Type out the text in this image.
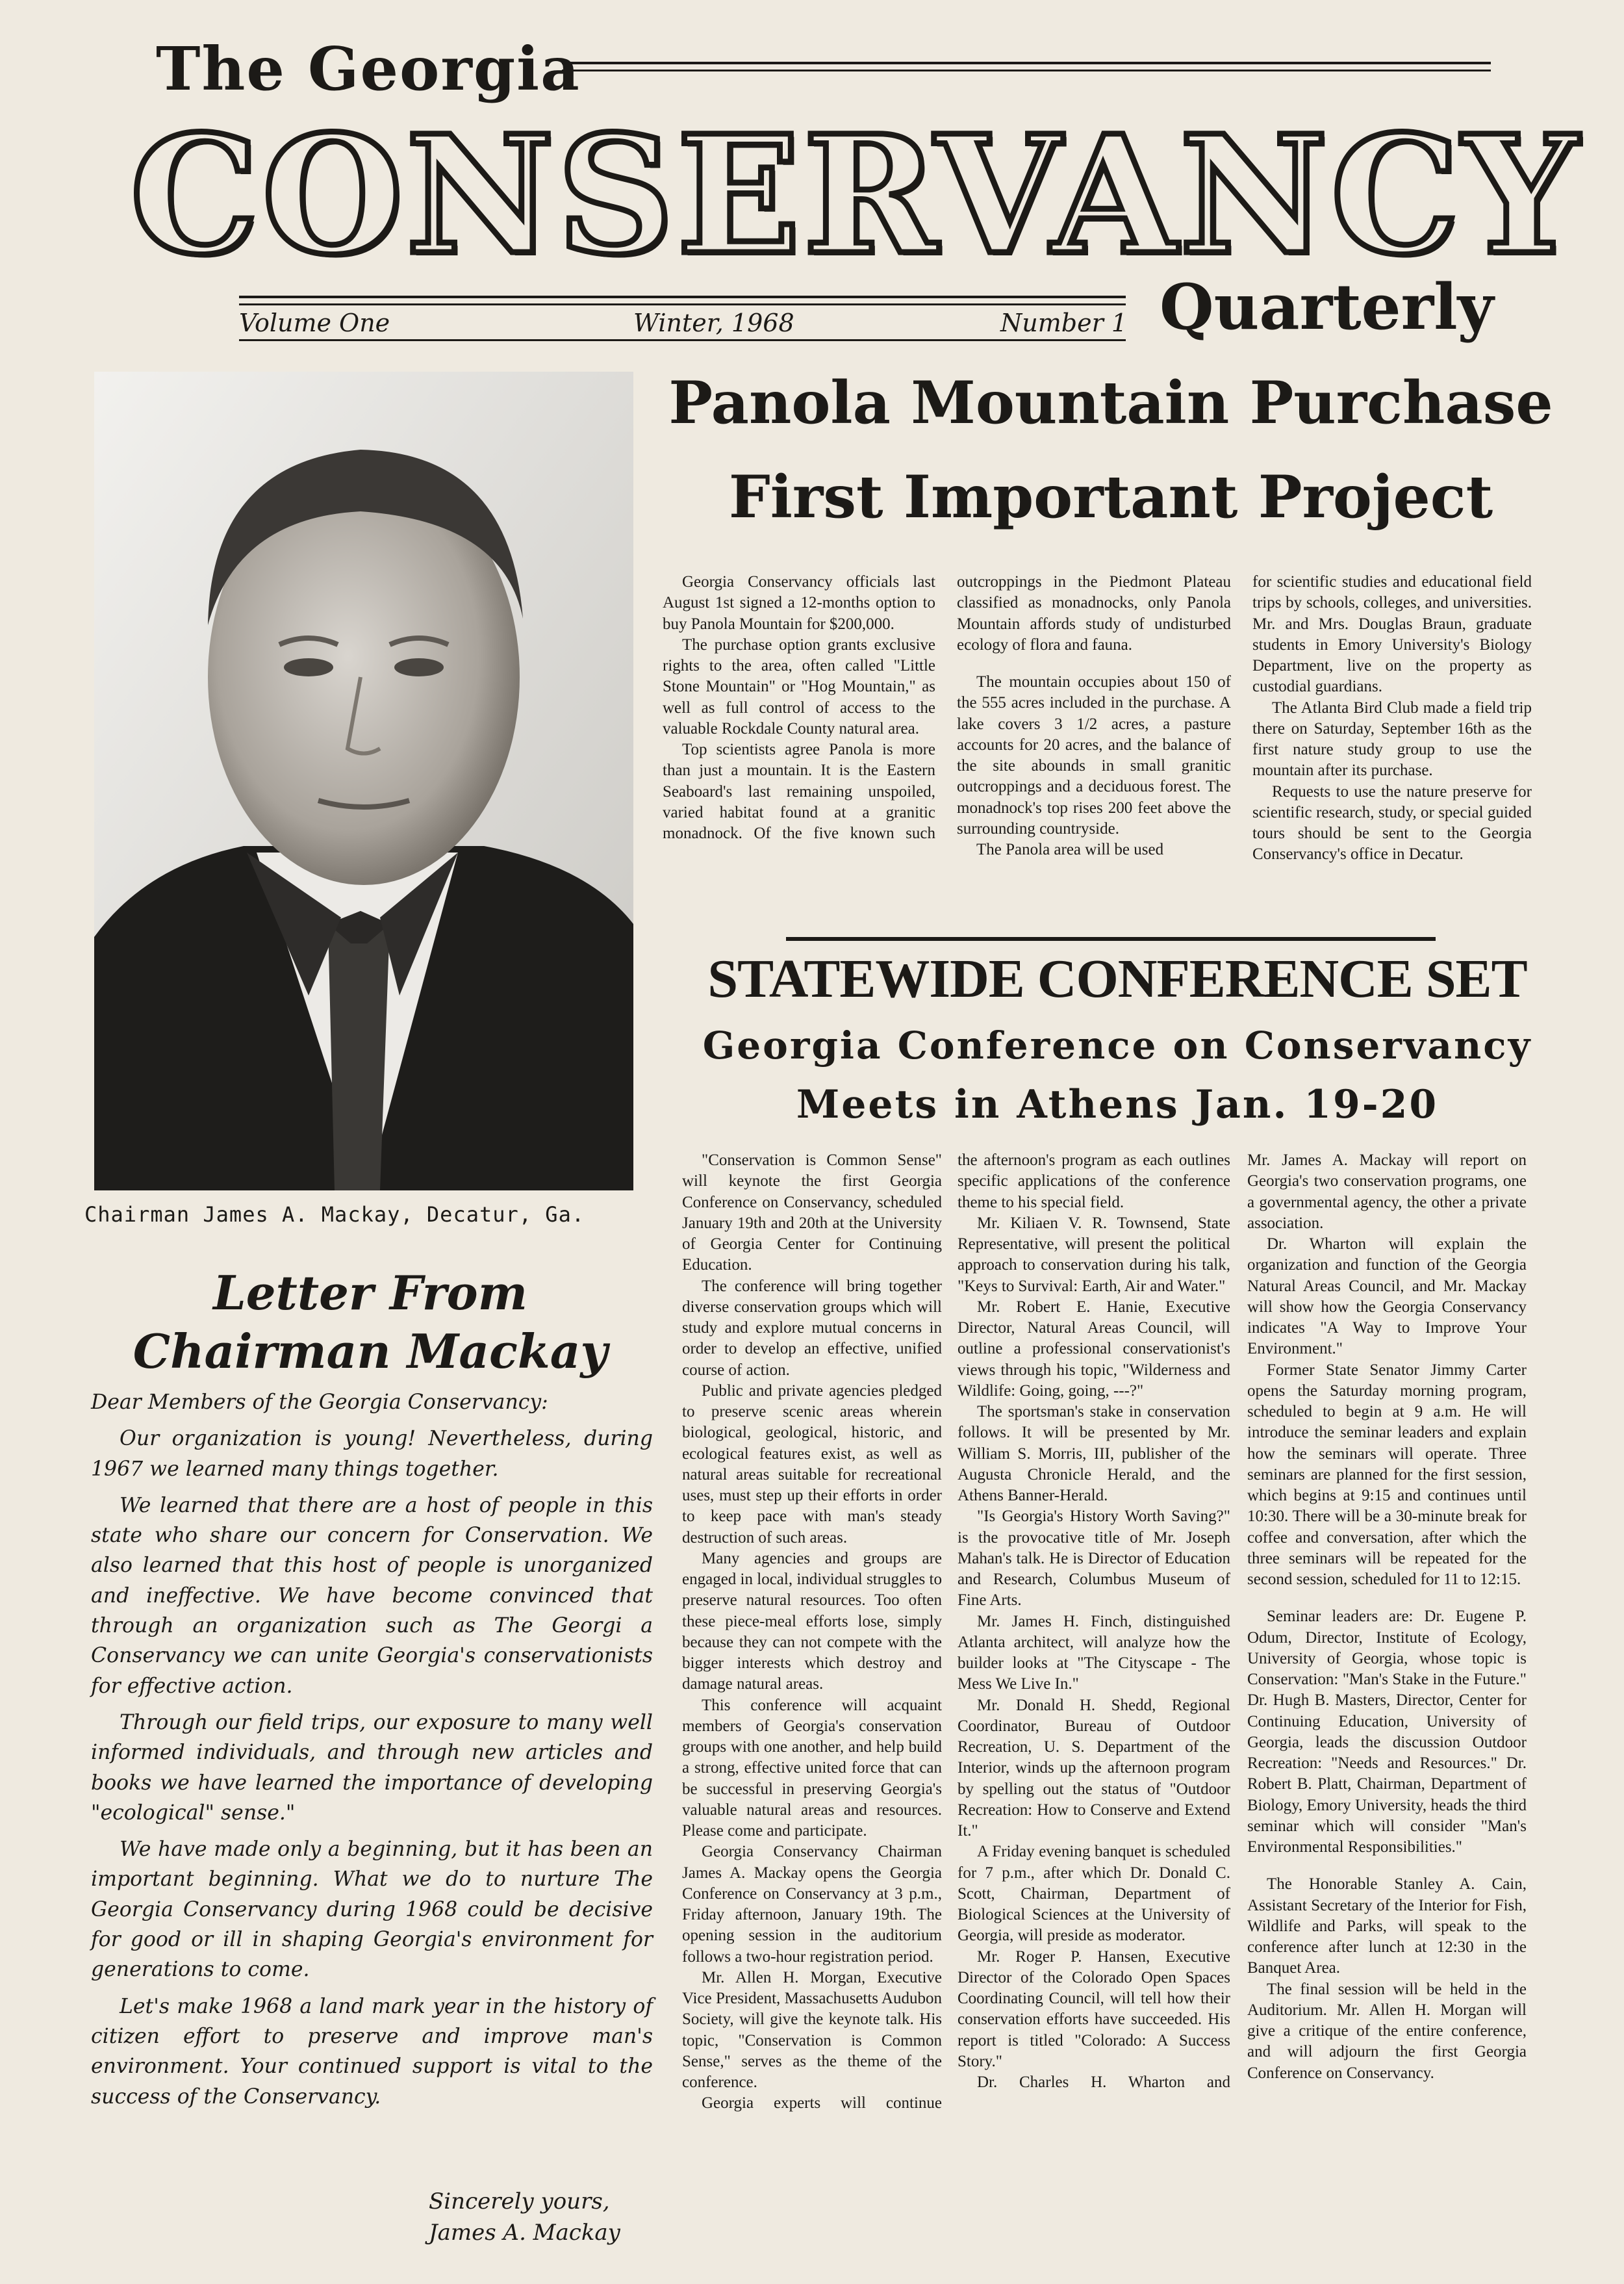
The Georgia
CONSERVANCY
Volume One	Winter, 1968	Number 1 Quarterly
Chairman James A. Mackay, Decatur, Ga.
Letter From
Chairman Mackay

Dear Members of the Georgia Conservancy:

Our organization is young! Nevertheless, during 1967 we learned many things together.

We learned that there are a host of people in this state who share our concern for Conservation. We also learned that this host of people is unorganized and ineffective. We have become convinced that through an organization such as The Georgi a Conservancy we can unite Georgia's conservationists for effective action.

Through our field trips, our exposure to many well informed individuals, and through new articles and books we have learned the importance of developing "ecological" sense."

We have made only a beginning, but it has been an important beginning. What we do to nurture The Georgia Conservancy during 1968 could be decisive for good or ill in shaping Georgia's environment for generations to come.

Let's make 1968 a land mark year in the history of citizen effort to preserve and improve man's environment. Your continued support is vital to the success of the Conservancy.

Sincerely yours,
James A. Mackay
Panola Mountain Purchase
First Important Project

Georgia Conservancy officials last August 1st signed a 12-months option to buy Panola Mountain for $200,000.

The purchase option grants exclusive rights to the area, often called "Little Stone Mountain" or "Hog Mountain," as well as full control of access to the valuable Rockdale County natural area.

Top scientists agree Panola is more than just a mountain. It is the Eastern Seaboard's last remaining unspoiled, varied habitat found at a granitic monadnock. Of the five known such

outcroppings in the Piedmont Plateau classified as monadnocks, only Panola Mountain affords study of undisturbed ecology of flora and fauna.

The mountain occupies about 150 of the 555 acres included in the purchase. A lake covers 3 1/2 acres, a pasture accounts for 20 acres, and the balance of the site abounds in small granitic outcroppings and a deciduous forest. The monadnock's top rises 200 feet above the surrounding countryside.

The Panola area will be used

for scientific studies and educational field trips by schools, colleges, and universities. Mr. and Mrs. Douglas Braun, graduate students in Emory University's Biology Department, live on the property as custodial guardians.

The Atlanta Bird Club made a field trip there on Saturday, September 16th as the first nature study group to use the mountain after its purchase.

Requests to use the nature preserve for scientific research, study, or special guided tours should be sent to the Georgia Conservancy's office in Decatur.

STATEWIDE CONFERENCE SET
Georgia Conference on Conservancy
Meets in Athens Jan. 19-20

"Conservation is Common Sense" will keynote the first Georgia Conference on Conservancy, scheduled January 19th and 20th at the University of Georgia Center for Continuing Education.

The conference will bring together diverse conservation groups which will study and explore mutual concerns in order to develop an effective, unified course of action.

Public and private agencies pledged to preserve scenic areas wherein biological, geological, historic, and ecological features exist, as well as natural areas suitable for recreational uses, must step up their efforts in order to keep pace with man's steady destruction of such areas.

Many agencies and groups are engaged in local, individual struggles to preserve natural resources. Too often these piece-meal efforts lose, simply because they can not compete with the bigger interests which destroy and damage natural areas.

This conference will acquaint members of Georgia's conservation groups with one another, and help build a strong, effective united force that can be successful in preserving Georgia's valuable natural areas and resources. Please come and participate.

Georgia Conservancy Chairman James A. Mackay opens the Georgia Conference on Conservancy at 3 p.m., Friday afternoon, January 19th. The opening session in the auditorium follows a two-hour registration period.

Mr. Allen H. Morgan, Executive Vice President, Massachusetts Audubon Society, will give the keynote talk. His topic, "Conservation is Common Sense," serves as the theme of the conference.

Georgia experts will continue

the afternoon's program as each outlines specific applications of the conference theme to his special field.

Mr. Kiliaen V. R. Townsend, State Representative, will present the political approach to conservation during his talk, "Keys to Survival: Earth, Air and Water."

Mr. Robert E. Hanie, Executive Director, Natural Areas Council, will outline a professional conservationist's views through his topic, "Wilderness and Wildlife: Going, going, ---?"

The sportsman's stake in conservation follows. It will be presented by Mr. William S. Morris, III, publisher of the Augusta Chronicle Herald, and the Athens Banner-Herald.

"Is Georgia's History Worth Saving?" is the provocative title of Mr. Joseph Mahan's talk. He is Director of Education and Research, Columbus Museum of Fine Arts.

Mr. James H. Finch, distinguished Atlanta architect, will analyze how the builder looks at "The Cityscape - The Mess We Live In."

Mr. Donald H. Shedd, Regional Coordinator, Bureau of Outdoor Recreation, U. S. Department of the Interior, winds up the afternoon program by spelling out the status of "Outdoor Recreation: How to Conserve and Extend It."

A Friday evening banquet is scheduled for 7 p.m., after which Dr. Donald C. Scott, Chairman, Department of Biological Sciences at the University of Georgia, will preside as moderator.

Mr. Roger P. Hansen, Executive Director of the Colorado Open Spaces Coordinating Council, will tell how their conservation efforts have succeeded. His report is titled "Colorado: A Success Story."

Dr. Charles H. Wharton and

Mr. James A. Mackay will report on Georgia's two conservation programs, one a governmental agency, the other a private association.

Dr. Wharton will explain the organization and function of the Georgia Natural Areas Council, and Mr. Mackay will show how the Georgia Conservancy indicates "A Way to Improve Your Environment."

Former State Senator Jimmy Carter opens the Saturday morning program, scheduled to begin at 9 a.m. He will introduce the seminar leaders and explain how the seminars will operate. Three seminars are planned for the first session, which begins at 9:15 and continues until 10:30. There will be a 30-minute break for coffee and conversation, after which the three seminars will be repeated for the second session, scheduled for 11 to 12:15.

Seminar leaders are: Dr. Eugene P. Odum, Director, Institute of Ecology, University of Georgia, whose topic is Conservation: "Man's Stake in the Future." Dr. Hugh B. Masters, Director, Center for Continuing Education, University of Georgia, leads the discussion Outdoor Recreation: "Needs and Resources." Dr. Robert B. Platt, Chairman, Department of Biology, Emory University, heads the third seminar which will consider "Man's Environmental Responsibilities."

The Honorable Stanley A. Cain, Assistant Secretary of the Interior for Fish, Wildlife and Parks, will speak to the conference after lunch at 12:30 in the Banquet Area.

The final session will be held in the Auditorium. Mr. Allen H. Morgan will give a critique of the entire conference, and will adjourn the first Georgia Conference on Conservancy.
